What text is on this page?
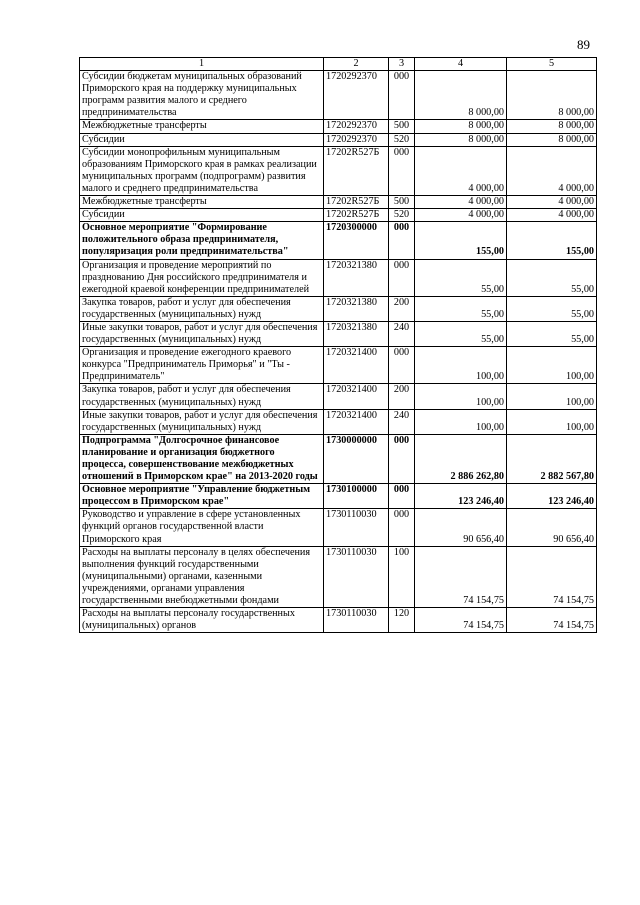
89
1	2	3	4	5
Субсидии бюджетам муниципальных образований Приморского края на поддержку муниципальных программ развития малого и среднего предпринимательства	1720292370	000	8 000,00	8 000,00
Межбюджетные трансферты	1720292370	500	8 000,00	8 000,00
Субсидии	1720292370	520	8 000,00	8 000,00
Субсидии монопрофильным муниципальным образованиям Приморского края в рамках реализации муниципальных программ (подпрограмм) развития малого и среднего предпринимательства	17202R527Б	000	4 000,00	4 000,00
Межбюджетные трансферты	17202R527Б	500	4 000,00	4 000,00
Субсидии	17202R527Б	520	4 000,00	4 000,00
Основное мероприятие "Формирование положительного образа предпринимателя, популяризация роли предпринимательства"	1720300000	000	155,00	155,00
Организация и проведение мероприятий по празднованию Дня российского предпринимателя и ежегодной краевой конференции предпринимателей	1720321380	000	55,00	55,00
Закупка товаров, работ и услуг для обеспечения государственных (муниципальных) нужд	1720321380	200	55,00	55,00
Иные закупки товаров, работ и услуг для обеспечения государственных (муниципальных) нужд	1720321380	240	55,00	55,00
Организация и проведение ежегодного краевого конкурса "Предприниматель Приморья" и "Ты - Предприниматель"	1720321400	000	100,00	100,00
Закупка товаров, работ и услуг для обеспечения государственных (муниципальных) нужд	1720321400	200	100,00	100,00
Иные закупки товаров, работ и услуг для обеспечения государственных (муниципальных) нужд	1720321400	240	100,00	100,00
Подпрограмма "Долгосрочное финансовое планирование и организация бюджетного процесса, совершенствование межбюджетных отношений в Приморском крае" на 2013-2020 годы	1730000000	000	2 886 262,80	2 882 567,80
Основное мероприятие "Управление бюджетным процессом в Приморском крае"	1730100000	000	123 246,40	123 246,40
Руководство и управление в сфере установленных функций органов государственной власти Приморского края	1730110030	000	90 656,40	90 656,40
Расходы на выплаты персоналу в целях обеспечения выполнения функций государственными (муниципальными) органами, казенными учреждениями, органами управления государственными внебюджетными фондами	1730110030	100	74 154,75	74 154,75
Расходы на выплаты персоналу государственных (муниципальных) органов	1730110030	120	74 154,75	74 154,75
